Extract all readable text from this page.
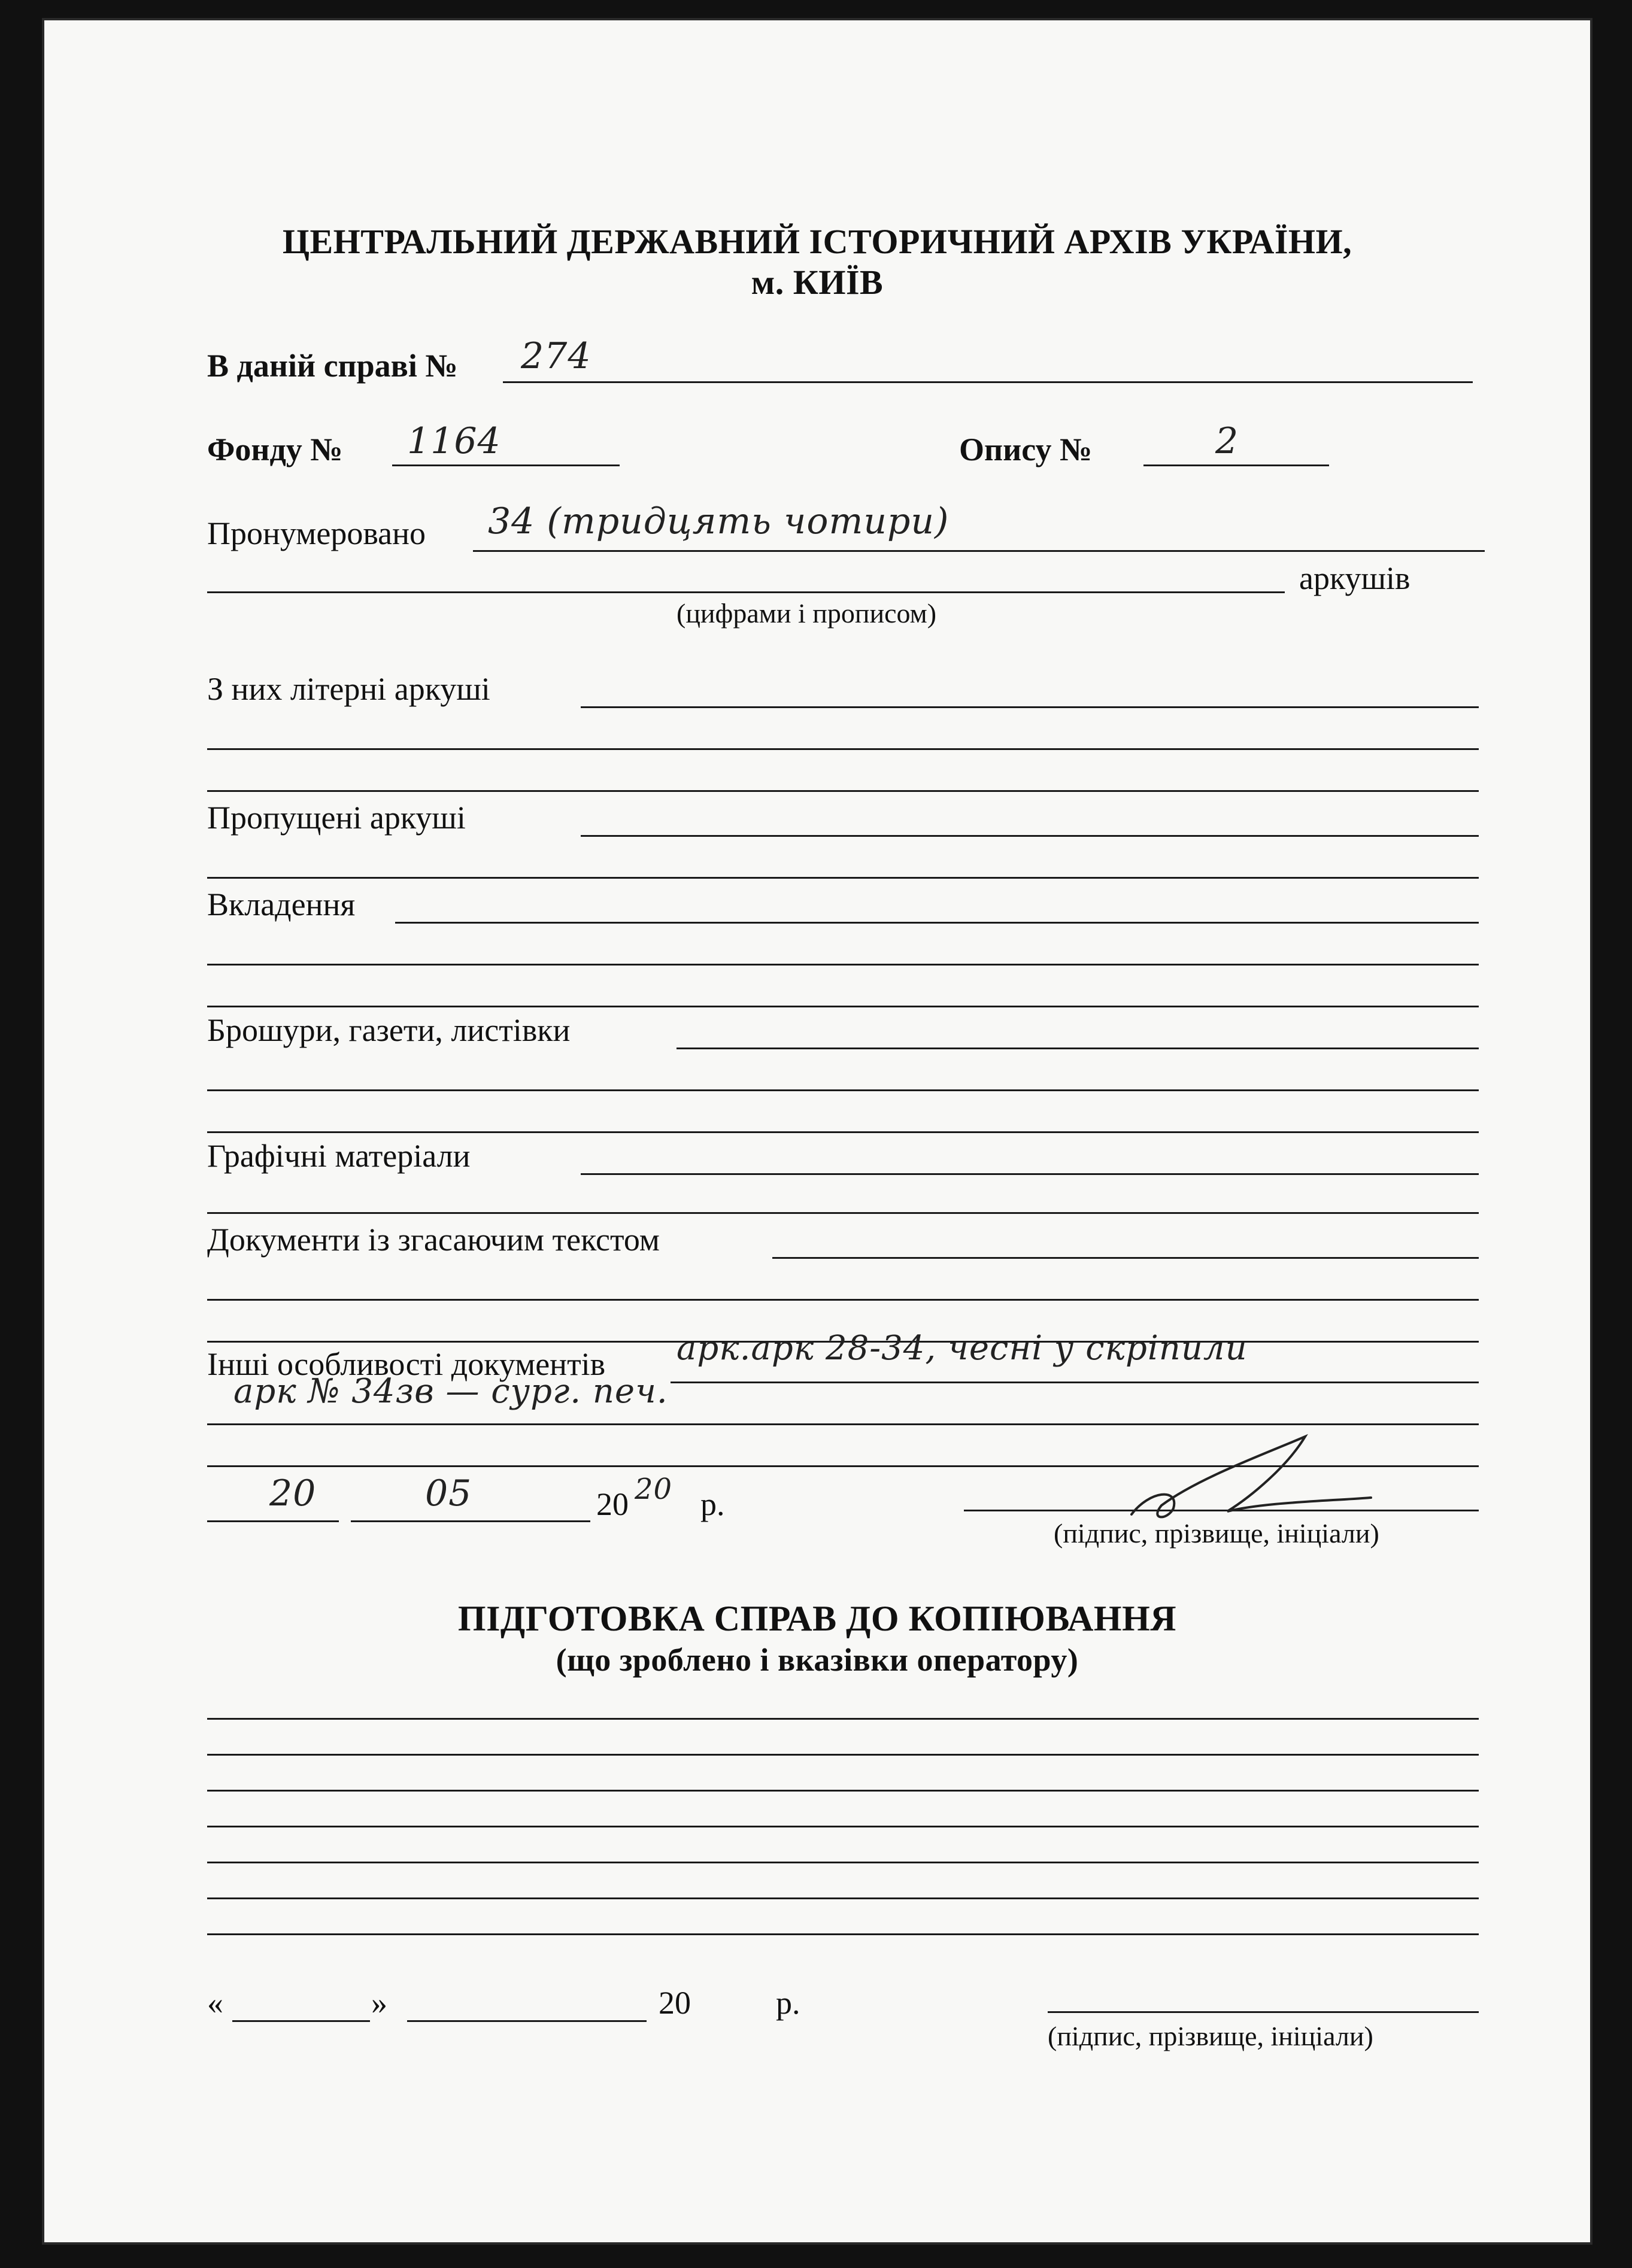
ЦЕНТРАЛЬНИЙ ДЕРЖАВНИЙ ІСТОРИЧНИЙ АРХІВ УКРАЇНИ,
м. КИЇВ
В даній справі № 274
Фонду № 1164	Опису №	2
Пронумеровано 34 (тридцять чотири)
аркушів
(цифрами і прописом)
З них літерні аркуші
Пропущені аркуші
Вкладення
Брошури, газети, листівки
Графічні матеріали
Документи із згасаючим текстом
Інші особливості документів арк.арк 28-34, чесні у скріпили
арк № 34зв — сург. печ.
20	05	20 20 р.
(підпис, прізвище, ініціали)
ПІДГОТОВКА СПРАВ ДО КОПІЮВАННЯ
(що зроблено і вказівки оператору)
«	»	20	р.
(підпис, прізвище, ініціали)
